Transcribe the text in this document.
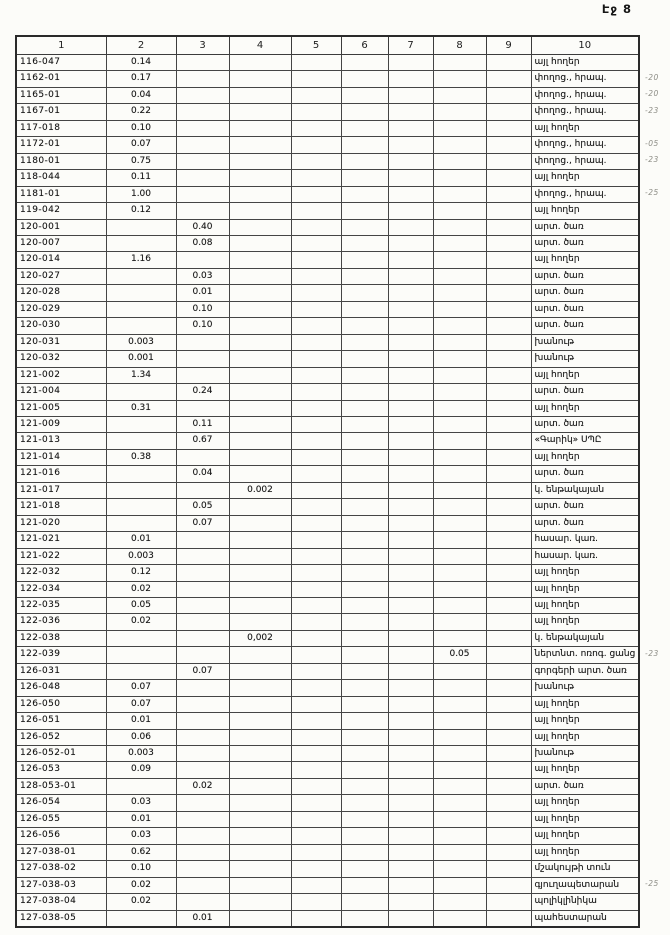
Էջ 8
1	2	3	4	5	6	7	8	9	10
116-047	0.14								այլ հողեր
1162-01	0.17								փողոց., հրապ.
1165-01	0.04								փողոց., հրապ.
1167-01	0.22								փողոց., հրապ.
117-018	0.10								այլ հողեր
1172-01	0.07								փողոց., հրապ.
1180-01	0.75								փողոց., հրապ.
118-044	0.11								այլ հողեր
1181-01	1.00								փողոց., հրապ.
119-042	0.12								այլ հողեր
120-001		0.40							արտ. ծառ
120-007		0.08							արտ. ծառ
120-014	1.16								այլ հողեր
120-027		0.03							արտ. ծառ
120-028		0.01							արտ. ծառ
120-029		0.10							արտ. ծառ
120-030		0.10							արտ. ծառ
120-031	0.003								խանութ
120-032	0.001								խանութ
121-002	1.34								այլ հողեր
121-004		0.24							արտ. ծառ
121-005	0.31								այլ հողեր
121-009		0.11							արտ. ծառ
121-013		0.67							«Գարիկ» ՍՊԸ
121-014	0.38								այլ հողեր
121-016		0.04							արտ. ծառ
121-017			0.002						կ. ենթակայան
121-018		0.05							արտ. ծառ
121-020		0.07							արտ. ծառ
121-021	0.01								հասար. կառ.
121-022	0.003								հասար. կառ.
122-032	0.12								այլ հողեր
122-034	0.02								այլ հողեր
122-035	0.05								այլ հողեր
122-036	0.02								այլ հողեր
122-038			0,002						կ. ենթակայան
122-039							0.05		ներտնտ. ոռոգ. ցանց
126-031		0.07							գորգերի արտ. ծառ
126-048	0.07								խանութ
126-050	0.07								այլ հողեր
126-051	0.01								այլ հողեր
126-052	0.06								այլ հողեր
126-052-01	0.003								խանութ
126-053	0.09								այլ հողեր
128-053-01		0.02							արտ. ծառ
126-054	0.03								այլ հողեր
126-055	0.01								այլ հողեր
126-056	0.03								այլ հողեր
127-038-01	0.62								այլ հողեր
127-038-02	0.10								մշակույթի տուն
127-038-03	0.02								գյուղապետարան
127-038-04	0.02								պոլիկլինիկա
127-038-05		0.01							պահեստարան
-20
-20
-23
-05
-23
-25
-23
-25
